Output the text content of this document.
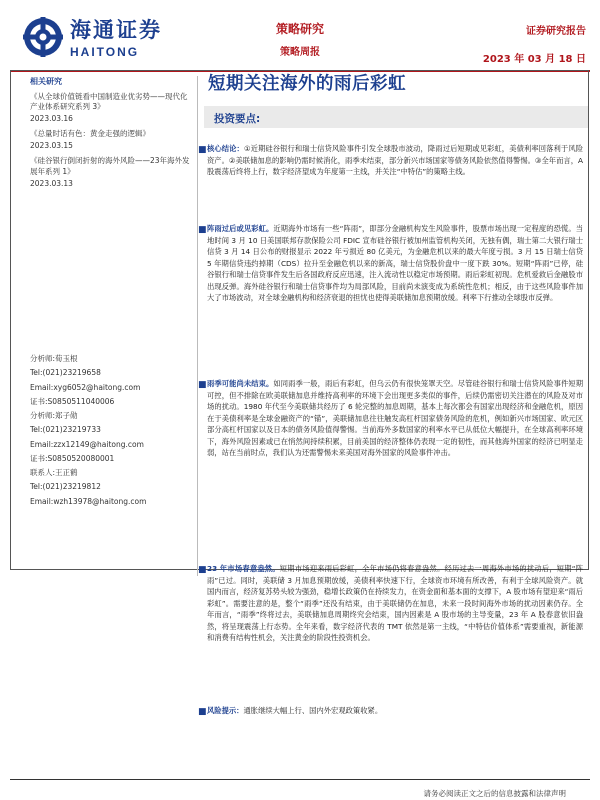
海通证券
HAITONG
策略研究
策略周报
证券研究报告
2023 年 03 月 18 日
相关研究
《从全球价值链看中国制造业优劣势——现代化产业体系研究系列 3》
2023.03.16
《总量时话有色：黄金走强的逻辑》
2023.03.15
《硅谷银行倒闭折射的海外风险——23年海外发展年系列 1》
2023.03.13
分析师:荀玉根
Tel:(021)23219658
Email:xyg6052@haitong.com
证书:S0850511040006
分析师:郑子勋
Tel:(021)23219733
Email:zzx12149@haitong.com
证书:S0850520080001
联系人:王正鹤
Tel:(021)23219812
Email:wzh13978@haitong.com
短期关注海外的雨后彩虹
投资要点:
■ 核心结论：①近期硅谷银行和瑞士信贷风险事件引发全球股市波动，降雨过后短期或见彩虹，美债利率回落利于风险资产。②美联储加息的影响仍需时候消化，雨季未结束，部分新兴市场国家等债务风险依然值得警惕。③全年而言，A 股震荡后终将上行，数字经济望成为年度第一主线，并关注“中特估”的策略主线。
■ 阵雨过后或见彩虹。近期海外市场有一些“阵雨”，即部分金融机构发生风险事件，股票市场出现一定程度的恐慌。当地时间 3 月 10 日美国联邦存款保险公司 FDIC 宣布硅谷银行被加州监管机构关闭，无独有偶，瑞士第二大银行瑞士信贷 3 月 14 日公布的财报显示 2022 年亏损近 80 亿美元，为金融危机以来的最大年度亏损。3 月 15 日瑞士信贷 5 年期信贷违约掉期（CDS）拉升至金融危机以来的新高，瑞士信贷股价盘中一度下跌 30%。短期“阵雨”已停，硅谷银行和瑞士信贷事件发生后各国政府反应迅速，注入流动性以稳定市场预期。雨后彩虹初现。危机爱救后金融股市出现反弹。海外硅谷银行和瑞士信贷事件均为局部风险，目前尚未演变成为系统性危机；相反，由于这些风险事件加大了市场波动，对全球金融机构和经济衰退的担忧也使得美联储加息预期放缓。利率下行推动全球股市反弹。
■ 雨季可能尚未结束。如同雨季一般，雨后有彩虹，但乌云仍有很快笼罩天空。尽管硅谷银行和瑞士信贷风险事件短期可控，但不排除在欧美联储加息并维持高利率的环境下会出现更多类似的事件，后续仍需密切关注潜在的风险及对市场的扰动。1980 年代至今美联储共经历了 6 轮完整的加息周期，基本上每次都会有国家出现经济和金融危机，原因在于美债利率是全球金融资产的“锚”，美联储加息往往触发高杠杆国家债务风险的危机，例如新兴市场国家、欧元区部分高杠杆国家以及日本的债务风险值得警惕。当前海外多数国家的利率水平已从低位大幅提升，在全球高利率环境下，海外风险因素或已在悄然间持续积累，目前美国的经济整体仍表现一定的韧性，而其他海外国家的经济已明显走弱，站在当前时点，我们认为还需警惕未来美国对海外国家的风险事件冲击。
■ 23 年市场春意盎然。短期市场迎来雨后彩虹，全年市场仍将春意盎然。经历过去一周海外市场的扰动后，短期“阵雨”已过。同时，美联储 3 月加息预期放缓，美债利率快速下行，全球资市环境有所改善，有利于全球风险资产。就国内而言，经济复苏势头较为强劲，稳增长政策仍在持续发力，在资金面和基本面的支撑下，A 股市场有望迎来“雨后彩虹”。需要注意的是，整个“雨季”还没有结束，由于美联储仍在加息，未来一段时间海外市场的扰动因素仍存。全年而言，“雨季”终将过去，美联储加息周期终究会结束，国内因素是 A 股市场的主导变量，23 年 A 股春意依旧盎然，将呈现震荡上行态势。全年来看，数字经济代表的 TMT 依然是第一主线，“中特估价值体系”需要重视，新能源和消费有结构性机会，关注黄金的阶段性投资机会。
■ 风险提示：通胀继续大幅上行、国内外宏观政策收紧。
请务必阅读正文之后的信息披露和法律声明
